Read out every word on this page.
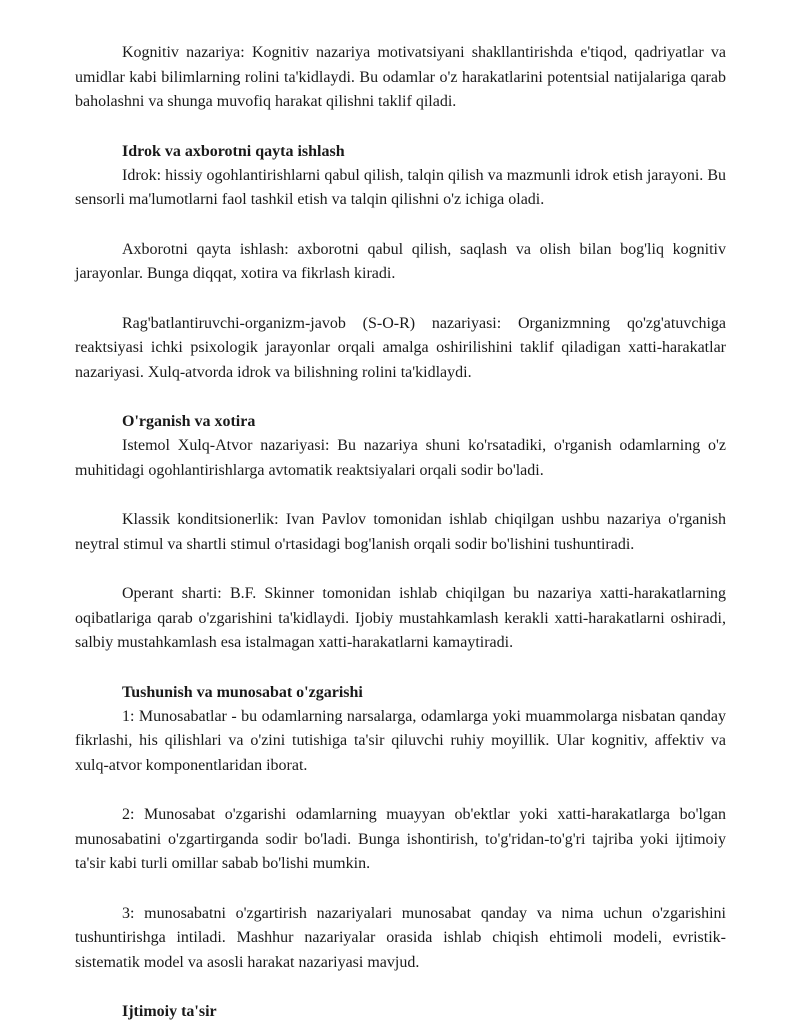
Kognitiv nazariya: Kognitiv nazariya motivatsiyani shakllantirishda e'tiqod, qadriyatlar va umidlar kabi bilimlarning rolini ta'kidlaydi. Bu odamlar o'z harakatlarini potentsial natijalariga qarab baholashni va shunga muvofiq harakat qilishni taklif qiladi.

Idrok va axborotni qayta ishlash

Idrok: hissiy ogohlantirishlarni qabul qilish, talqin qilish va mazmunli idrok etish jarayoni. Bu sensorli ma'lumotlarni faol tashkil etish va talqin qilishni o'z ichiga oladi.

Axborotni qayta ishlash: axborotni qabul qilish, saqlash va olish bilan bog'liq kognitiv jarayonlar. Bunga diqqat, xotira va fikrlash kiradi.

Rag'batlantiruvchi-organizm-javob (S-O-R) nazariyasi: Organizmning qo'zg'atuvchiga reaktsiyasi ichki psixologik jarayonlar orqali amalga oshirilishini taklif qiladigan xatti-harakatlar nazariyasi. Xulq-atvorda idrok va bilishning rolini ta'kidlaydi.

O'rganish va xotira

Istemol Xulq-Atvor nazariyasi: Bu nazariya shuni ko'rsatadiki, o'rganish odamlarning o'z muhitidagi ogohlantirishlarga avtomatik reaktsiyalari orqali sodir bo'ladi.

Klassik konditsionerlik: Ivan Pavlov tomonidan ishlab chiqilgan ushbu nazariya o'rganish neytral stimul va shartli stimul o'rtasidagi bog'lanish orqali sodir bo'lishini tushuntiradi.

Operant sharti: B.F. Skinner tomonidan ishlab chiqilgan bu nazariya xatti-harakatlarning oqibatlariga qarab o'zgarishini ta'kidlaydi. Ijobiy mustahkamlash kerakli xatti-harakatlarni oshiradi, salbiy mustahkamlash esa istalmagan xatti-harakatlarni kamaytiradi.

Tushunish va munosabat o'zgarishi

1: Munosabatlar - bu odamlarning narsalarga, odamlarga yoki muammolarga nisbatan qanday fikrlashi, his qilishlari va o'zini tutishiga ta'sir qiluvchi ruhiy moyillik. Ular kognitiv, affektiv va xulq-atvor komponentlaridan iborat.

2: Munosabat o'zgarishi odamlarning muayyan ob'ektlar yoki xatti-harakatlarga bo'lgan munosabatini o'zgartirganda sodir bo'ladi. Bunga ishontirish, to'g'ridan-to'g'ri tajriba yoki ijtimoiy ta'sir kabi turli omillar sabab bo'lishi mumkin.

3: munosabatni o'zgartirish nazariyalari munosabat qanday va nima uchun o'zgarishini tushuntirishga intiladi. Mashhur nazariyalar orasida ishlab chiqish ehtimoli modeli, evristik-sistematik model va asosli harakat nazariyasi mavjud.

Ijtimoiy ta'sir
